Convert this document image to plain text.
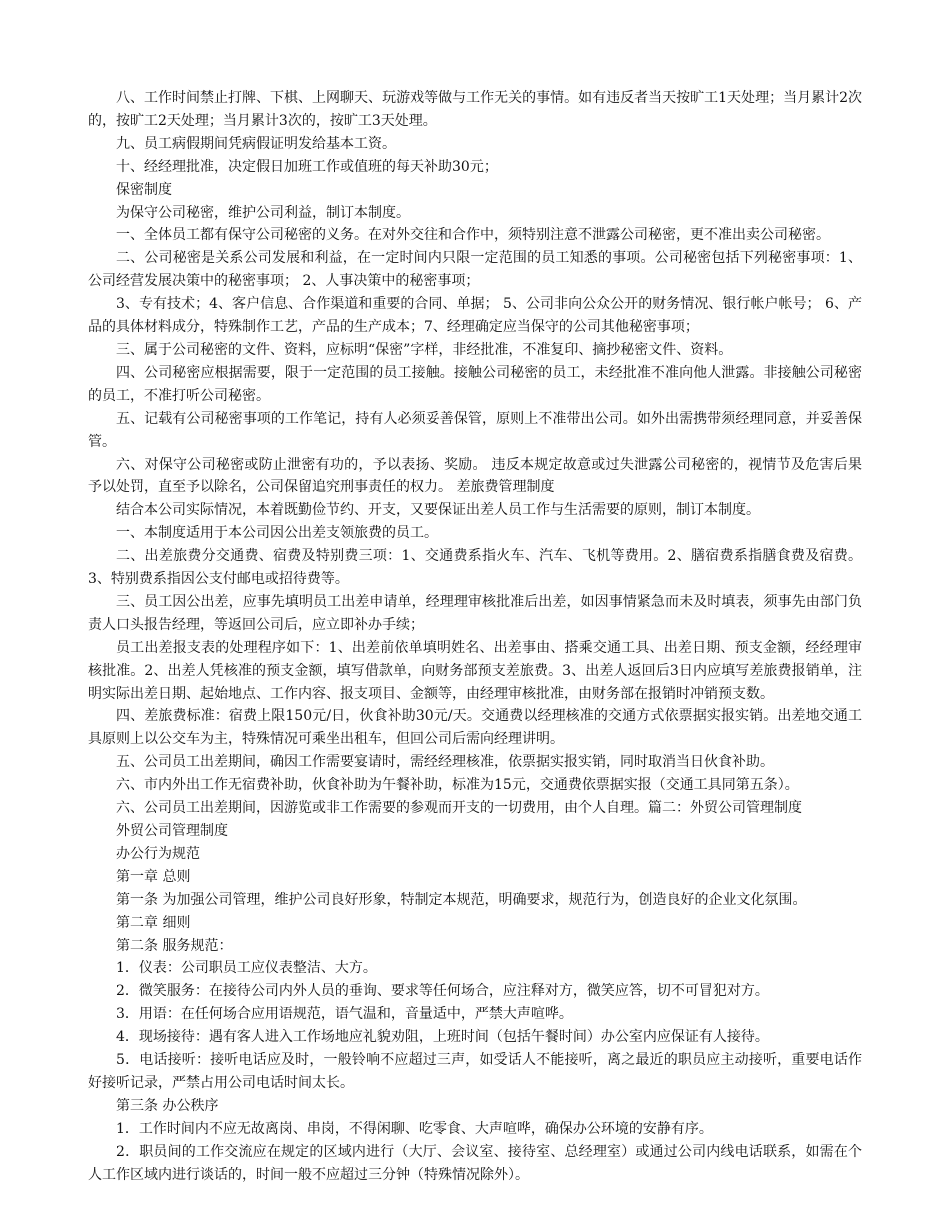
八、工作时间禁止打牌、下棋、上网聊天、玩游戏等做与工作无关的事情。如有违反者当天按旷工1天处理；当月累计2次的，按旷工2天处理；当月累计3次的，按旷工3天处理。

九、员工病假期间凭病假证明发给基本工资。

十、经经理批准，决定假日加班工作或值班的每天补助30元；

保密制度

为保守公司秘密，维护公司利益，制订本制度。

一、全体员工都有保守公司秘密的义务。在对外交往和合作中，须特别注意不泄露公司秘密，更不准出卖公司秘密。

二、公司秘密是关系公司发展和利益，在一定时间内只限一定范围的员工知悉的事项。公司秘密包括下列秘密事项：1、公司经营发展决策中的秘密事项； 2、人事决策中的秘密事项；

3、专有技术；4、客户信息、合作渠道和重要的合同、单据； 5、公司非向公众公开的财务情况、银行帐户帐号； 6、产品的具体材料成分，特殊制作工艺，产品的生产成本；7、经理确定应当保守的公司其他秘密事项；

三、属于公司秘密的文件、资料，应标明“保密”字样，非经批准，不准复印、摘抄秘密文件、资料。

四、公司秘密应根据需要，限于一定范围的员工接触。接触公司秘密的员工，未经批准不准向他人泄露。非接触公司秘密的员工，不准打听公司秘密。

五、记载有公司秘密事项的工作笔记，持有人必须妥善保管，原则上不准带出公司。如外出需携带须经理同意，并妥善保管。

六、对保守公司秘密或防止泄密有功的，予以表扬、奖励。 违反本规定故意或过失泄露公司秘密的，视情节及危害后果予以处罚，直至予以除名，公司保留追究刑事责任的权力。 差旅费管理制度

结合本公司实际情况，本着既勤俭节约、开支，又要保证出差人员工作与生活需要的原则，制订本制度。

一、本制度适用于本公司因公出差支领旅费的员工。

二、出差旅费分交通费、宿费及特别费三项：1、交通费系指火车、汽车、飞机等费用。2、膳宿费系指膳食费及宿费。3、特别费系指因公支付邮电或招待费等。

三、员工因公出差，应事先填明员工出差申请单，经理理审核批准后出差，如因事情紧急而未及时填表，须事先由部门负责人口头报告经理，等返回公司后，应立即补办手续；

员工出差报支表的处理程序如下：1、出差前依单填明姓名、出差事由、搭乘交通工具、出差日期、预支金额，经经理审核批准。2、出差人凭核准的预支金额，填写借款单，向财务部预支差旅费。3、出差人返回后3日内应填写差旅费报销单，注明实际出差日期、起始地点、工作内容、报支项目、金额等，由经理审核批准，由财务部在报销时冲销预支数。

四、差旅费标准：宿费上限150元/日，伙食补助30元/天。交通费以经理核准的交通方式依票据实报实销。出差地交通工具原则上以公交车为主，特殊情况可乘坐出租车，但回公司后需向经理讲明。

五、公司员工出差期间，确因工作需要宴请时，需经经理核准，依票据实报实销，同时取消当日伙食补助。

六、市内外出工作无宿费补助，伙食补助为午餐补助，标准为15元，交通费依票据实报（交通工具同第五条）。

六、公司员工出差期间，因游览或非工作需要的参观而开支的一切费用，由个人自理。篇二：外贸公司管理制度

外贸公司管理制度

办公行为规范

第一章 总则

第一条 为加强公司管理，维护公司良好形象，特制定本规范，明确要求，规范行为，创造良好的企业文化氛围。

第二章 细则

第二条 服务规范：

1．仪表：公司职员工应仪表整洁、大方。

2．微笑服务：在接待公司内外人员的垂询、要求等任何场合，应注释对方，微笑应答，切不可冒犯对方。

3．用语：在任何场合应用语规范，语气温和，音量适中，严禁大声喧哗。

4．现场接待：遇有客人进入工作场地应礼貌劝阻，上班时间（包括午餐时间）办公室内应保证有人接待。

5．电话接听：接听电话应及时，一般铃响不应超过三声，如受话人不能接听，离之最近的职员应主动接听，重要电话作好接听记录，严禁占用公司电话时间太长。

第三条 办公秩序

1．工作时间内不应无故离岗、串岗，不得闲聊、吃零食、大声喧哗，确保办公环境的安静有序。

2．职员间的工作交流应在规定的区域内进行（大厅、会议室、接待室、总经理室）或通过公司内线电话联系，如需在个人工作区域内进行谈话的，时间一般不应超过三分钟（特殊情况除外）。
